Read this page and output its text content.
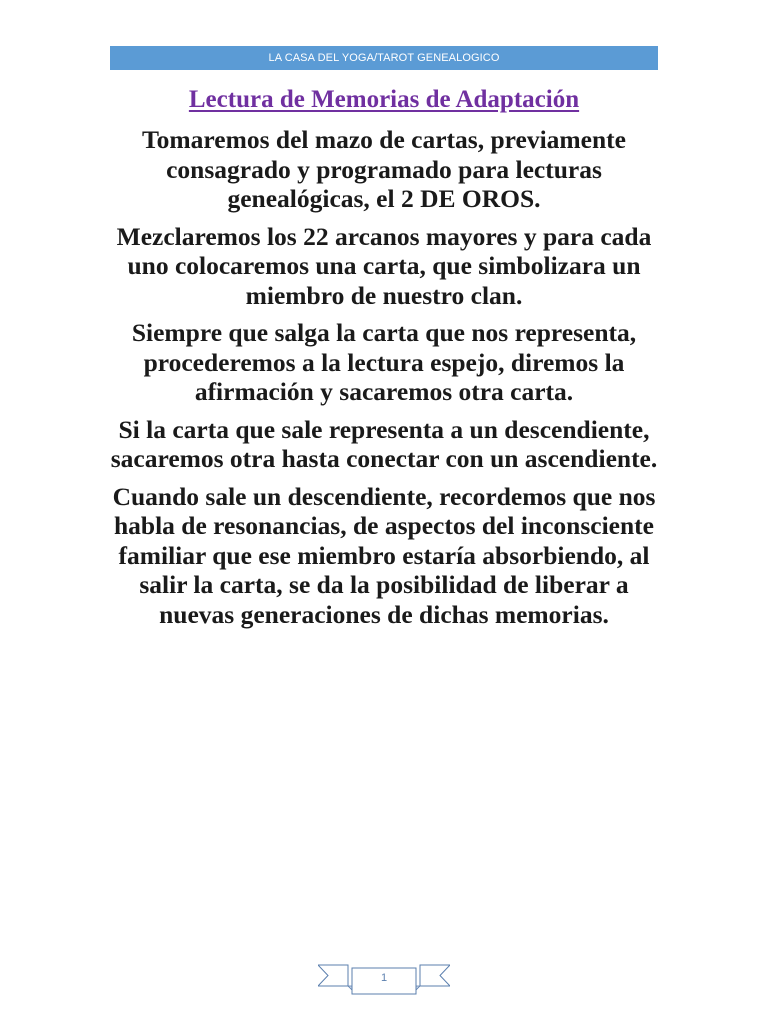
LA CASA DEL YOGA/TAROT GENEALOGICO
Lectura de Memorias de Adaptación

Tomaremos del mazo de cartas, previamente consagrado y programado para lecturas genealógicas, el 2 DE OROS.

Mezclaremos los 22 arcanos mayores y para cada uno colocaremos una carta, que simbolizara un miembro de nuestro clan.

Siempre que salga la carta que nos representa, procederemos a la lectura espejo, diremos la afirmación y sacaremos otra carta.

Si la carta que sale representa a un descendiente, sacaremos otra hasta conectar con un ascendiente.

Cuando sale un descendiente, recordemos que nos habla de resonancias, de aspectos del inconsciente familiar que ese miembro estaría absorbiendo, al salir la carta, se da la posibilidad de liberar a nuevas generaciones de dichas memorias.

1
